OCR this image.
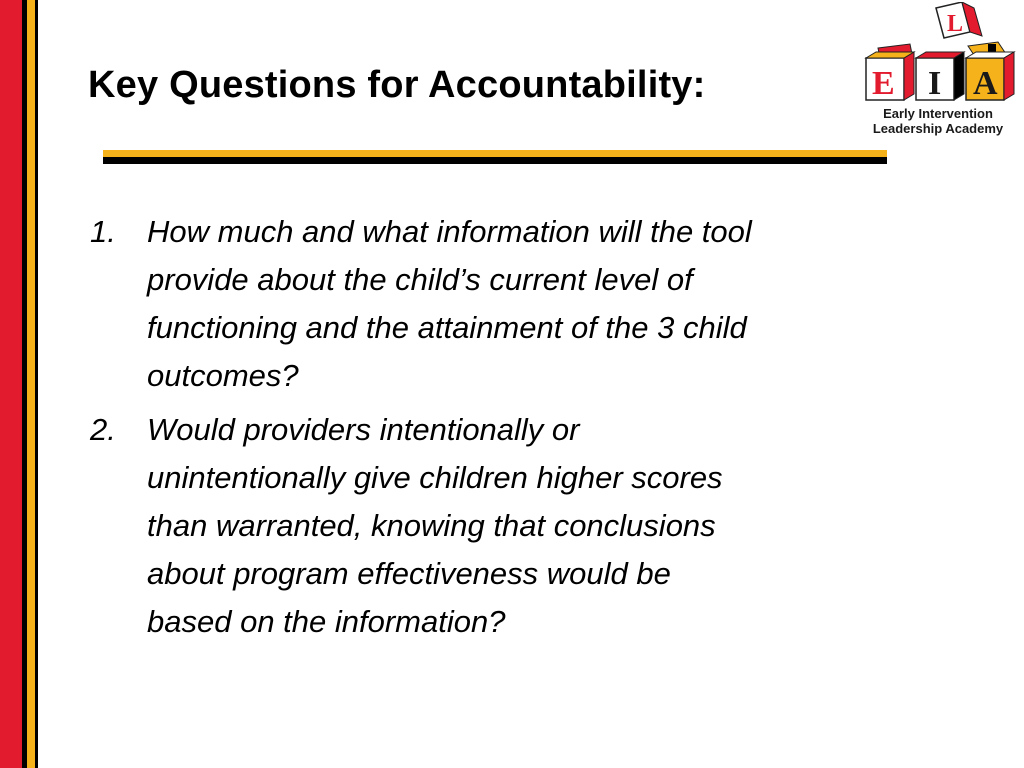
Key Questions for Accountability:
L
E I A
Early Intervention
Leadership Academy
1. How much and what information will the tool
provide about the child’s current level of
functioning and the attainment of the 3 child
outcomes?
2. Would providers intentionally or
unintentionally give children higher scores
than warranted, knowing that conclusions
about program effectiveness would be
based on the information?
